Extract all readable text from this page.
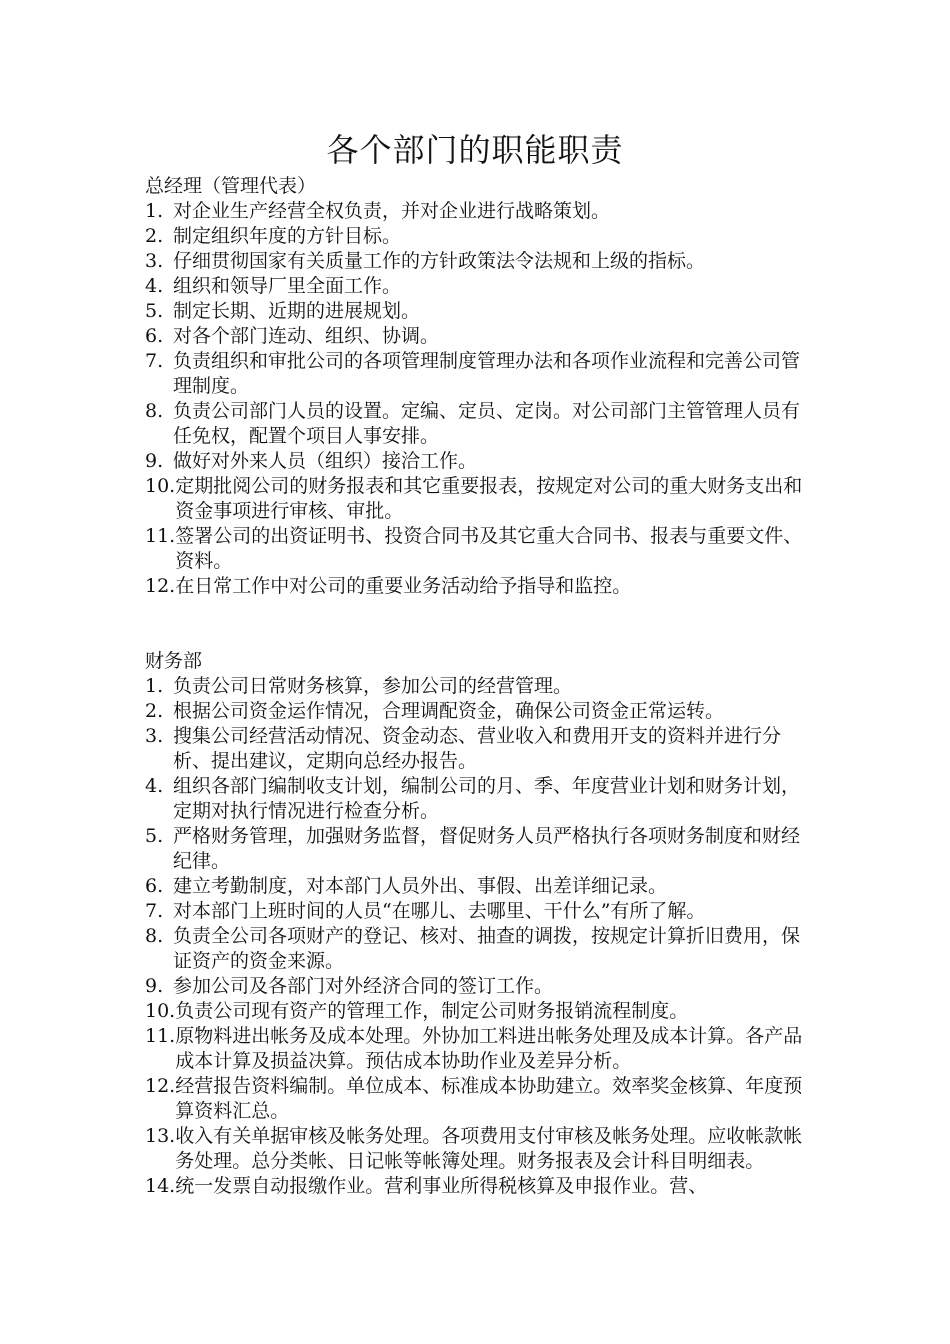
各个部门的职能职责

总经理（管理代表）

1. 对企业生产经营全权负责，并对企业进行战略策划。
2. 制定组织年度的方针目标。
3. 仔细贯彻国家有关质量工作的方针政策法令法规和上级的指标。
4. 组织和领导厂里全面工作。
5. 制定长期、近期的进展规划。
6. 对各个部门连动、组织、协调。
7. 负责组织和审批公司的各项管理制度管理办法和各项作业流程和完善公司管理制度。
8. 负责公司部门人员的设置。定编、定员、定岗。对公司部门主管管理人员有任免权，配置个项目人事安排。
9. 做好对外来人员（组织）接洽工作。
10. 定期批阅公司的财务报表和其它重要报表，按规定对公司的重大财务支出和资金事项进行审核、审批。
11. 签署公司的出资证明书、投资合同书及其它重大合同书、报表与重要文件、资料。
12. 在日常工作中对公司的重要业务活动给予指导和监控。

财务部

1. 负责公司日常财务核算，参加公司的经营管理。
2. 根据公司资金运作情况，合理调配资金，确保公司资金正常运转。
3. 搜集公司经营活动情况、资金动态、营业收入和费用开支的资料并进行分析、提出建议，定期向总经办报告。
4. 组织各部门编制收支计划，编制公司的月、季、年度营业计划和财务计划，定期对执行情况进行检查分析。
5. 严格财务管理，加强财务监督，督促财务人员严格执行各项财务制度和财经纪律。
6. 建立考勤制度，对本部门人员外出、事假、出差详细记录。
7. 对本部门上班时间的人员“在哪儿、去哪里、干什么”有所了解。
8. 负责全公司各项财产的登记、核对、抽查的调拨，按规定计算折旧费用，保证资产的资金来源。
9. 参加公司及各部门对外经济合同的签订工作。
10. 负责公司现有资产的管理工作，制定公司财务报销流程制度。
11. 原物料进出帐务及成本处理。外协加工料进出帐务处理及成本计算。各产品成本计算及损益决算。预估成本协助作业及差异分析。
12. 经营报告资料编制。单位成本、标准成本协助建立。效率奖金核算、年度预算资料汇总。
13. 收入有关单据审核及帐务处理。各项费用支付审核及帐务处理。应收帐款帐务处理。总分类帐、日记帐等帐簿处理。财务报表及会计科目明细表。
14. 统一发票自动报缴作业。营利事业所得税核算及申报作业。营、
